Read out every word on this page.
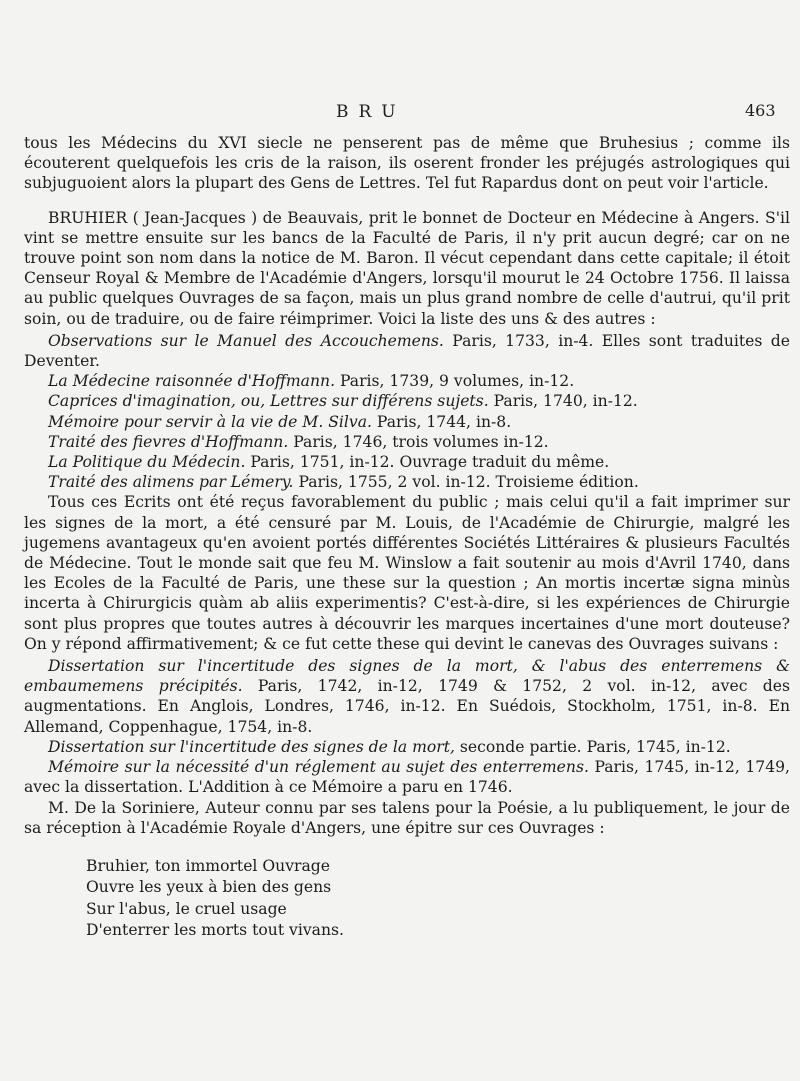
BRU	463

tous les Médecins du XVI siecle ne penserent pas de même que Bruhesius ; comme ils écouterent quelquefois les cris de la raison, ils oserent fronder les préjugés astrologiques qui subjuguoient alors la plupart des Gens de Lettres. Tel fut Rapardus dont on peut voir l'article.

BRUHIER ( Jean-Jacques ) de Beauvais, prit le bonnet de Docteur en Médecine à Angers. S'il vint se mettre ensuite sur les bancs de la Faculté de Paris, il n'y prit aucun degré; car on ne trouve point son nom dans la notice de M. Baron. Il vécut cependant dans cette capitale; il étoit Censeur Royal & Membre de l'Académie d'Angers, lorsqu'il mourut le 24 Octobre 1756. Il laissa au public quelques Ouvrages de sa façon, mais un plus grand nombre de celle d'autrui, qu'il prit soin, ou de traduire, ou de faire réimprimer. Voici la liste des uns & des autres :

Observations sur le Manuel des Accouchemens. Paris, 1733, in-4. Elles sont traduites de Deventer.

La Médecine raisonnée d'Hoffmann. Paris, 1739, 9 volumes, in-12.

Caprices d'imagination, ou, Lettres sur différens sujets. Paris, 1740, in-12.

Mémoire pour servir à la vie de M. Silva. Paris, 1744, in-8.

Traité des fievres d'Hoffmann. Paris, 1746, trois volumes in-12.

La Politique du Médecin. Paris, 1751, in-12. Ouvrage traduit du même.

Traité des alimens par Lémery. Paris, 1755, 2 vol. in-12. Troisieme édition.

Tous ces Ecrits ont été reçus favorablement du public ; mais celui qu'il a fait imprimer sur les signes de la mort, a été censuré par M. Louis, de l'Académie de Chirurgie, malgré les jugemens avantageux qu'en avoient portés différentes Sociétés Littéraires & plusieurs Facultés de Médecine. Tout le monde sait que feu M. Winslow a fait soutenir au mois d'Avril 1740, dans les Ecoles de la Faculté de Paris, une these sur la question ; An mortis incertæ signa minùs incerta à Chirurgicis quàm ab aliis experimentis? C'est-à-dire, si les expériences de Chirurgie sont plus propres que toutes autres à découvrir les marques incertaines d'une mort douteuse? On y répond affirmativement; & ce fut cette these qui devint le canevas des Ouvrages suivans :

Dissertation sur l'incertitude des signes de la mort, & l'abus des enterremens & embaumemens précipités. Paris, 1742, in-12, 1749 & 1752, 2 vol. in-12, avec des augmentations. En Anglois, Londres, 1746, in-12. En Suédois, Stockholm, 1751, in-8. En Allemand, Coppenhague, 1754, in-8.

Dissertation sur l'incertitude des signes de la mort, seconde partie. Paris, 1745, in-12.

Mémoire sur la nécessité d'un réglement au sujet des enterremens. Paris, 1745, in-12, 1749, avec la dissertation. L'Addition à ce Mémoire a paru en 1746.

M. De la Soriniere, Auteur connu par ses talens pour la Poésie, a lu publiquement, le jour de sa réception à l'Académie Royale d'Angers, une épitre sur ces Ouvrages :

Bruhier, ton immortel Ouvrage
Ouvre les yeux à bien des gens
Sur l'abus, le cruel usage
D'enterrer les morts tout vivans.
